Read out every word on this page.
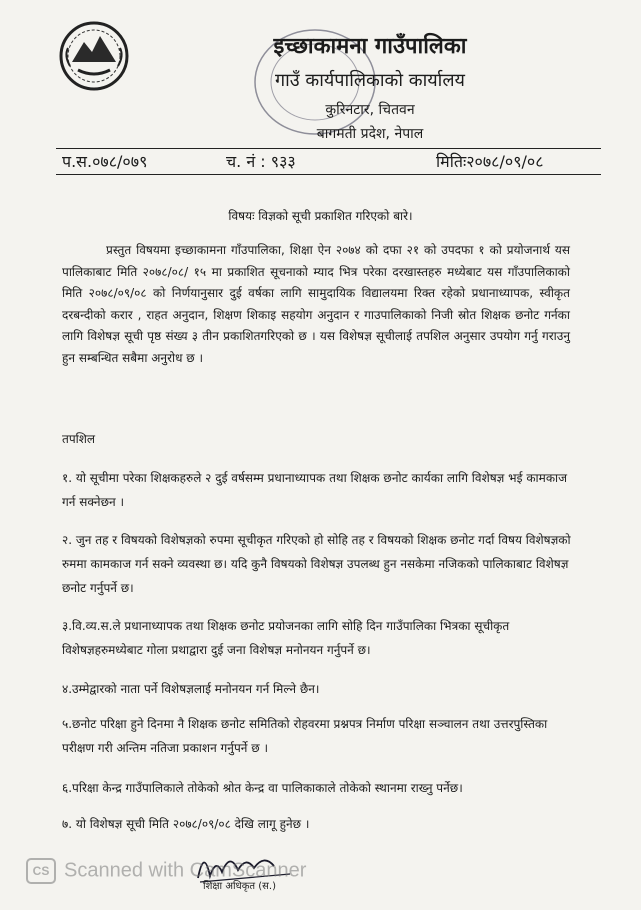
इच्छाकामना गाउँपालिका
गाउँ कार्यपालिकाको कार्यालय
कुरिनटार, चितवन
बागमती प्रदेश, नेपाल
प.स.०७८/०७९	च. नं : ९३३	मितिः२०७८/०९/०८
विषयः विज्ञको सूची प्रकाशित गरिएको बारे।
प्रस्तुत विषयमा इच्छाकामना गाँउपालिका, शिक्षा ऐन २०७४ को दफा २१ को उपदफा १ को प्रयोजनार्थ यस पालिकाबाट मिति २०७८/०८/ १५ मा प्रकाशित सूचनाको म्याद भित्र परेका दरखास्तहरु मध्येबाट यस गाँउपालिकाको मिति २०७८/०९/०८ को निर्णयानुसार दुई वर्षका लागि सामुदायिक विद्यालयमा रिक्त रहेको प्रधानाध्यापक, स्वीकृत दरबन्दीको करार , राहत अनुदान, शिक्षण शिकाइ सहयोग अनुदान र गाउपालिकाको निजी स्रोत शिक्षक छनोट गर्नका लागि विशेषज्ञ सूची पृष्ठ संख्य ३ तीन प्रकाशितगरिएको छ । यस विशेषज्ञ सूचीलाई तपशिल अनुसार उपयोग गर्नु गराउनु हुन सम्बन्धित सबैमा अनुरोध छ ।
तपशिल
१. यो सूचीमा परेका शिक्षकहरुले २ दुई वर्षसम्म प्रधानाध्यापक तथा शिक्षक छनोट कार्यका लागि विशेषज्ञ भई कामकाज गर्न सक्नेछन ।
२. जुन तह र विषयको विशेषज्ञको रुपमा सूचीकृत गरिएको हो सोहि तह र विषयको शिक्षक छनोट गर्दा विषय विशेषज्ञको रुममा कामकाज गर्न सक्ने व्यवस्था छ। यदि कुनै विषयको विशेषज्ञ उपलब्ध हुन नसकेमा नजिकको पालिकाबाट विशेषज्ञ छनोट गर्नुपर्ने छ।
३.वि.व्य.स.ले प्रधानाध्यापक तथा शिक्षक छनोट प्रयोजनका लागि सोहि दिन गाउँपालिका भित्रका सूचीकृत विशेषज्ञहरुमध्येबाट गोला प्रथाद्वारा दुई जना विशेषज्ञ मनोनयन गर्नुपर्ने छ।
४.उम्मेद्वारको नाता पर्ने विशेषज्ञलाई मनोनयन गर्न मिल्ने छैन।
५.छनोट परिक्षा हुने दिनमा नै शिक्षक छनोट समितिको रोहवरमा प्रश्नपत्र निर्माण परिक्षा सञ्चालन तथा उत्तरपुस्तिका परीक्षण गरी अन्तिम नतिजा प्रकाशन गर्नुपर्ने छ ।
६.परिक्षा केन्द्र गाउँपालिकाले तोकेको श्रोत केन्द्र वा पालिकाकाले तोकेको स्थानमा राख्नु पर्नेछ।
७. यो विशेषज्ञ सूची मिति २०७८/०९/०८ देखि लागू हुनेछ ।
शिक्षा अधिकृत (स.)
CS Scanned with CamScanner
